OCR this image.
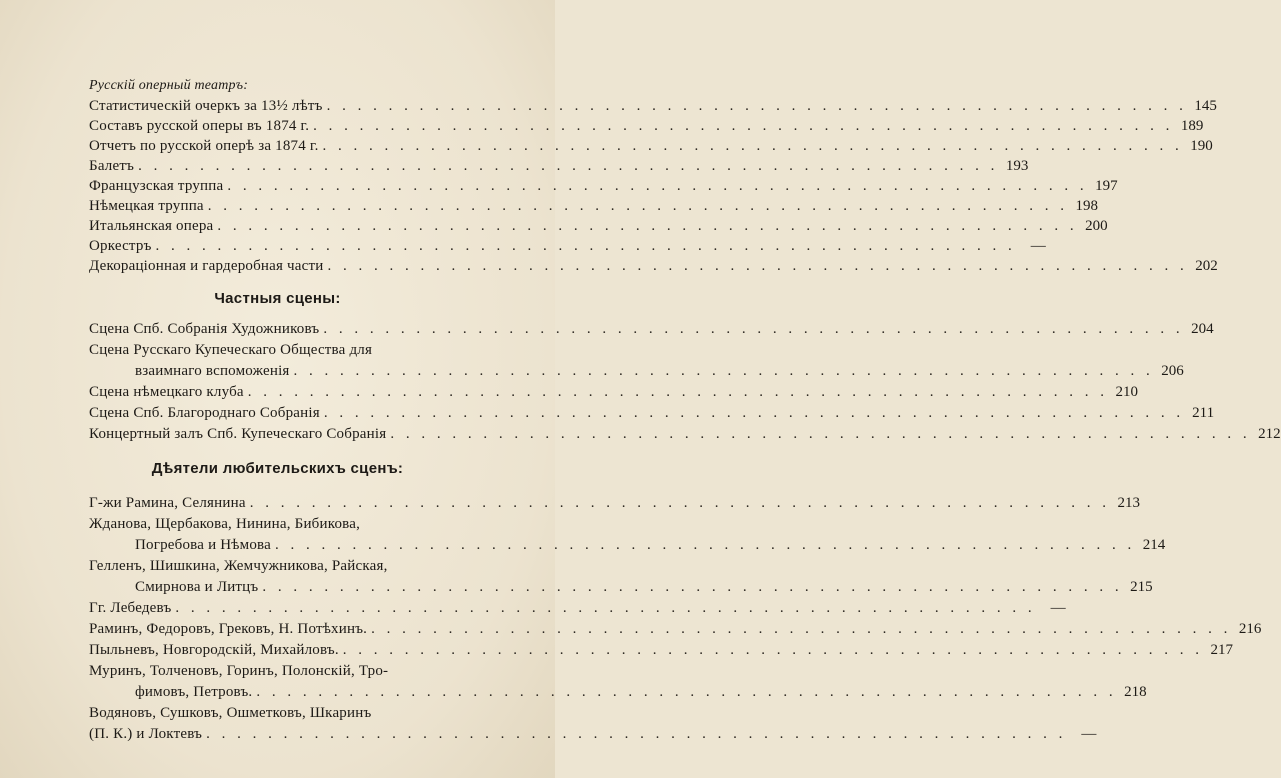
Русскій оперный театръ:
Статистическій очеркъ за 13½ лѣтъ . . .	145
Составъ русской оперы въ 1874 г. . . .	189
Отчетъ по русской оперѣ за 1874 г. . . .	190
Балетъ . . .	193
Французская труппа . . .	197
Нѣмецкая труппа . . .	198
Итальянская опера . . .	200
Оркестръ . . .	—
Декораціонная и гардеробная части . . .	202
Частныя сцены:
Сцена Спб. Собранія Художниковъ . . .	204
Сцена Русскаго Купеческаго Общества для
взаимнаго вспоможенія . . .	206
Сцена нѣмецкаго клуба . . .	210
Сцена Спб. Благороднаго Собранія . . .	211
Концертный залъ Спб. Купеческаго Собранія . . .	212
Дѣятели любительскихъ сценъ:
Г-жи Рамина, Селянина . . .	213
Жданова, Щербакова, Нинина, Бибикова,
Погребова и Нѣмова . . .	214
Гелленъ, Шишкина, Жемчужникова, Райская,
Смирнова и Литцъ . . .	215
Гг. Лебедевъ . . .	—
Раминъ, Федоровъ, Грековъ, Н. Потѣхинъ. . . .	216
Пыльневъ, Новгородскій, Михайловъ. . . .	217
Муринъ, Толченовъ, Горинъ, Полонскій, Тро-
фимовъ, Петровъ. . . .	218
Водяновъ, Сушковъ, Ошметковъ, Шкаринъ
(П. К.) и Локтевъ . . .	—
